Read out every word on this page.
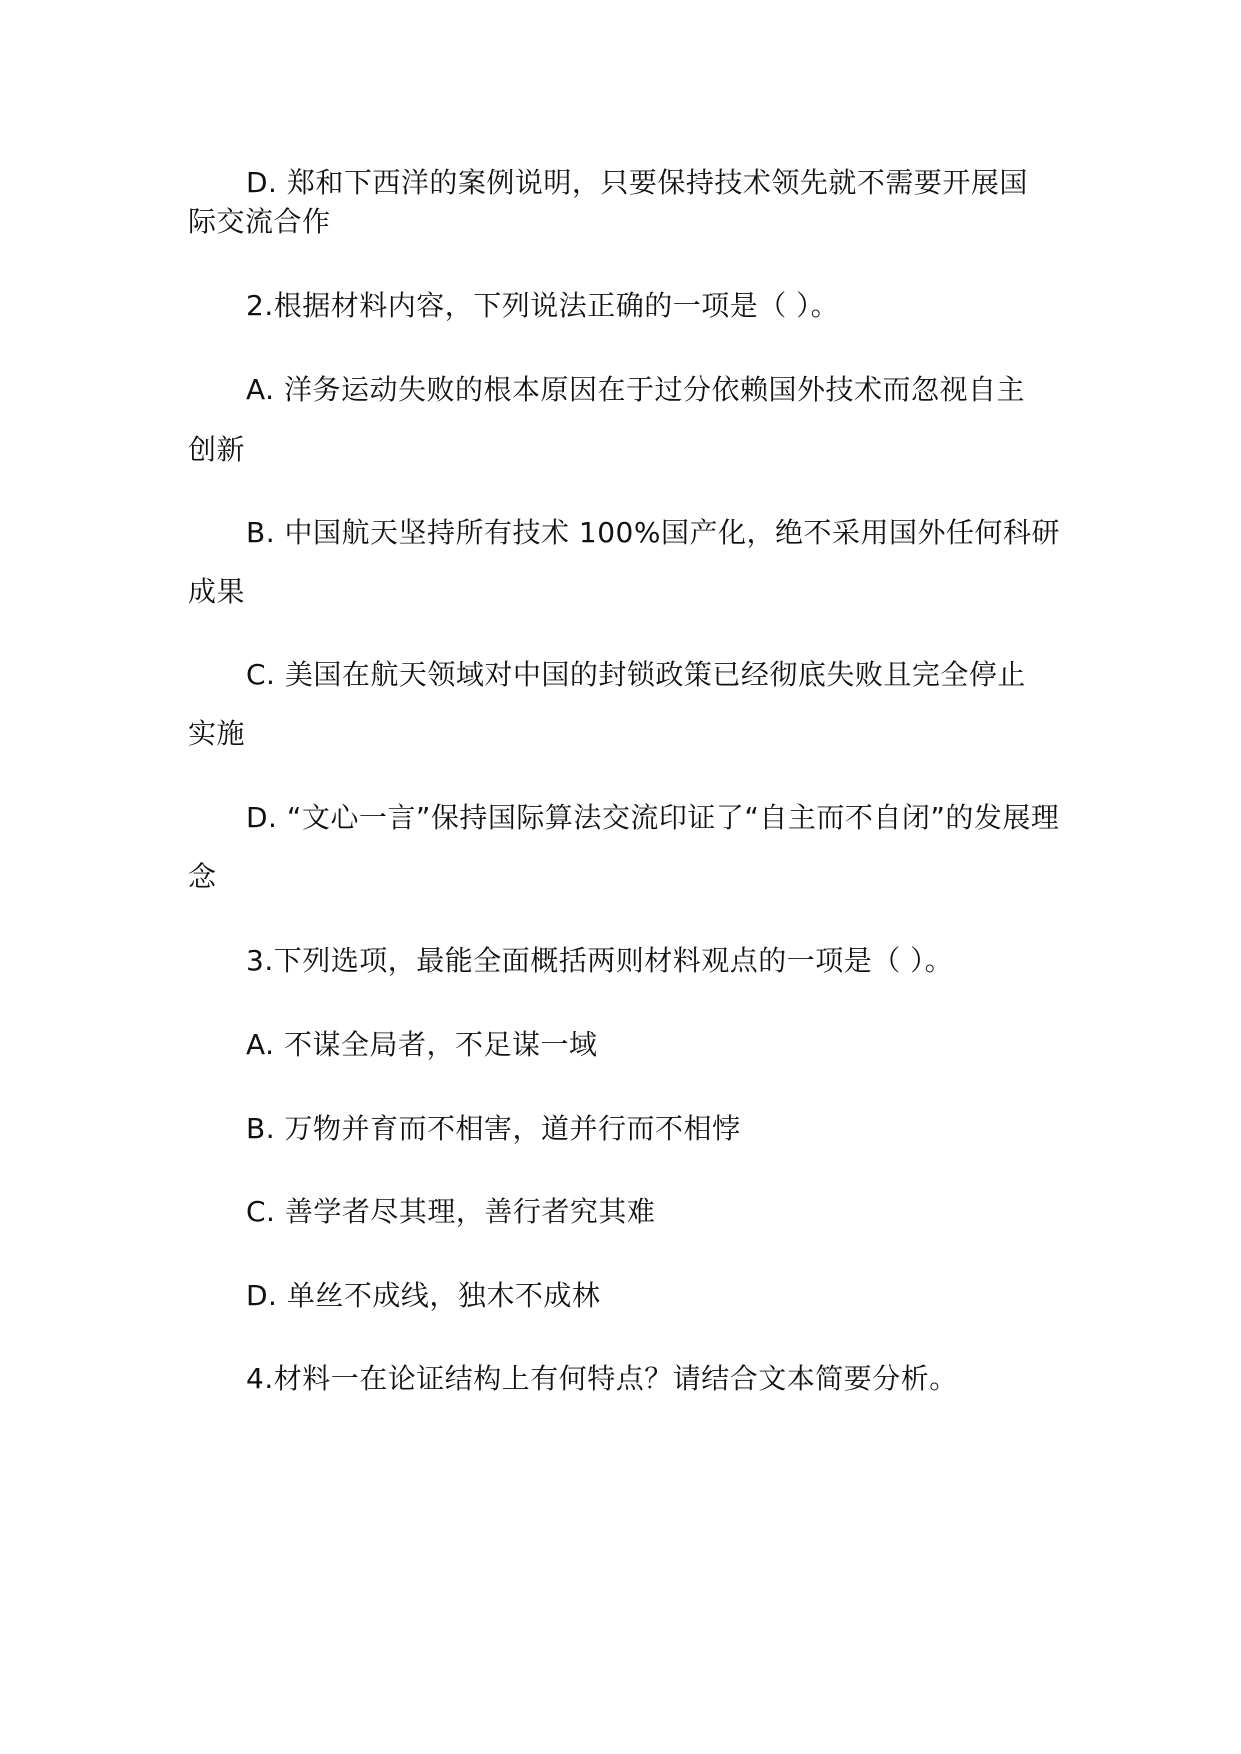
D. 郑和下西洋的案例说明，只要保持技术领先就不需要开展国
际交流合作
2.根据材料内容，下列说法正确的一项是（ ）。
A. 洋务运动失败的根本原因在于过分依赖国外技术而忽视自主
创新
B. 中国航天坚持所有技术 100%国产化，绝不采用国外任何科研
成果
C. 美国在航天领域对中国的封锁政策已经彻底失败且完全停止
实施
D. “文心一言”保持国际算法交流印证了“自主而不自闭”的发展理
念
3.下列选项，最能全面概括两则材料观点的一项是（ ）。
A. 不谋全局者，不足谋一域
B. 万物并育而不相害，道并行而不相悖
C. 善学者尽其理，善行者究其难
D. 单丝不成线，独木不成林
4.材料一在论证结构上有何特点？请结合文本简要分析。
